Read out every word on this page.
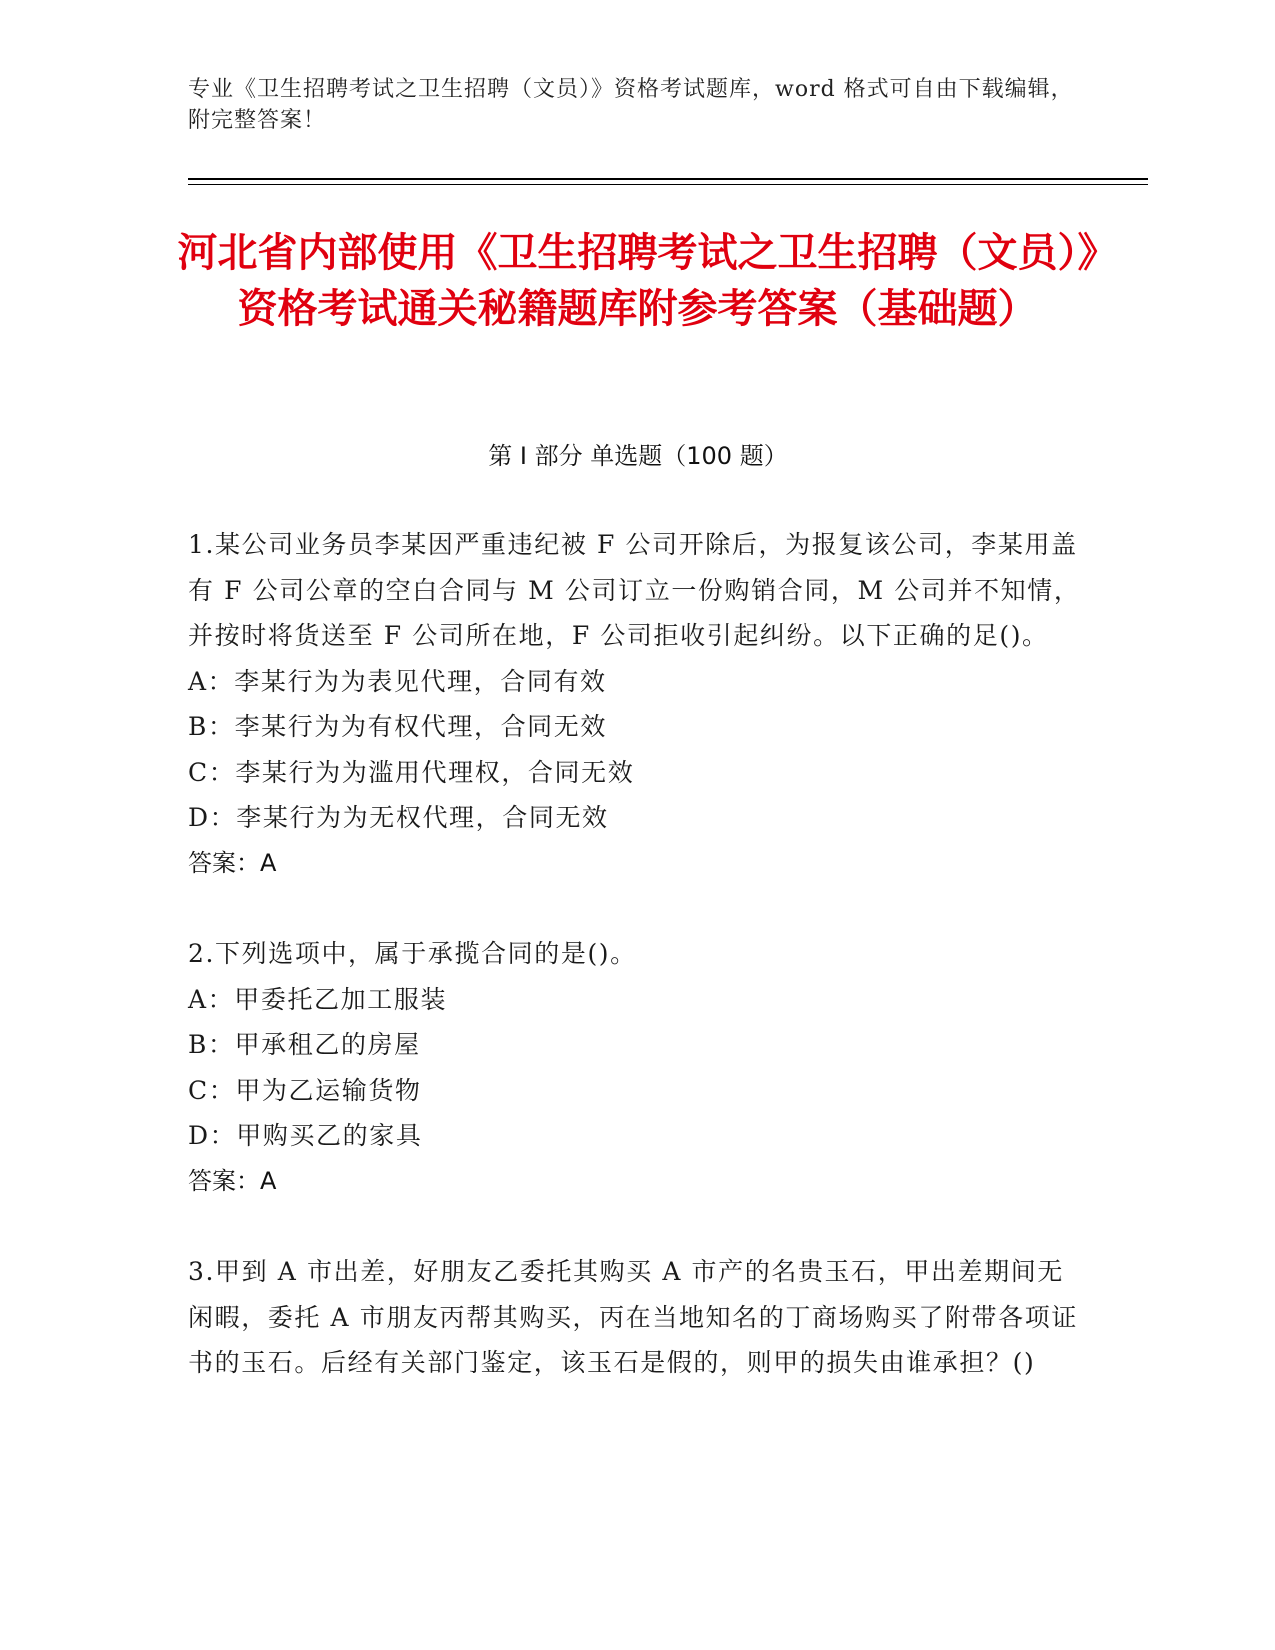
专业《卫生招聘考试之卫生招聘（文员）》资格考试题库，word 格式可自由下载编辑，附完整答案！
河北省内部使用《卫生招聘考试之卫生招聘（文员）》资格考试通关秘籍题库附参考答案（基础题）
第 I 部分 单选题（100 题）

1.某公司业务员李某因严重违纪被 F 公司开除后，为报复该公司，李某用盖有 F 公司公章的空白合同与 M 公司订立一份购销合同，M 公司并不知情，并按时将货送至 F 公司所在地，F 公司拒收引起纠纷。以下正确的足()。

A：李某行为为表见代理，合同有效

B：李某行为为有权代理，合同无效

C：李某行为为滥用代理权，合同无效

D：李某行为为无权代理，合同无效

答案：A

2.下列选项中，属于承揽合同的是()。

A：甲委托乙加工服装

B：甲承租乙的房屋

C：甲为乙运输货物

D：甲购买乙的家具

答案：A

3.甲到 A 市出差，好朋友乙委托其购买 A 市产的名贵玉石，甲出差期间无闲暇，委托 A 市朋友丙帮其购买，丙在当地知名的丁商场购买了附带各项证书的玉石。后经有关部门鉴定，该玉石是假的，则甲的损失由谁承担？()
